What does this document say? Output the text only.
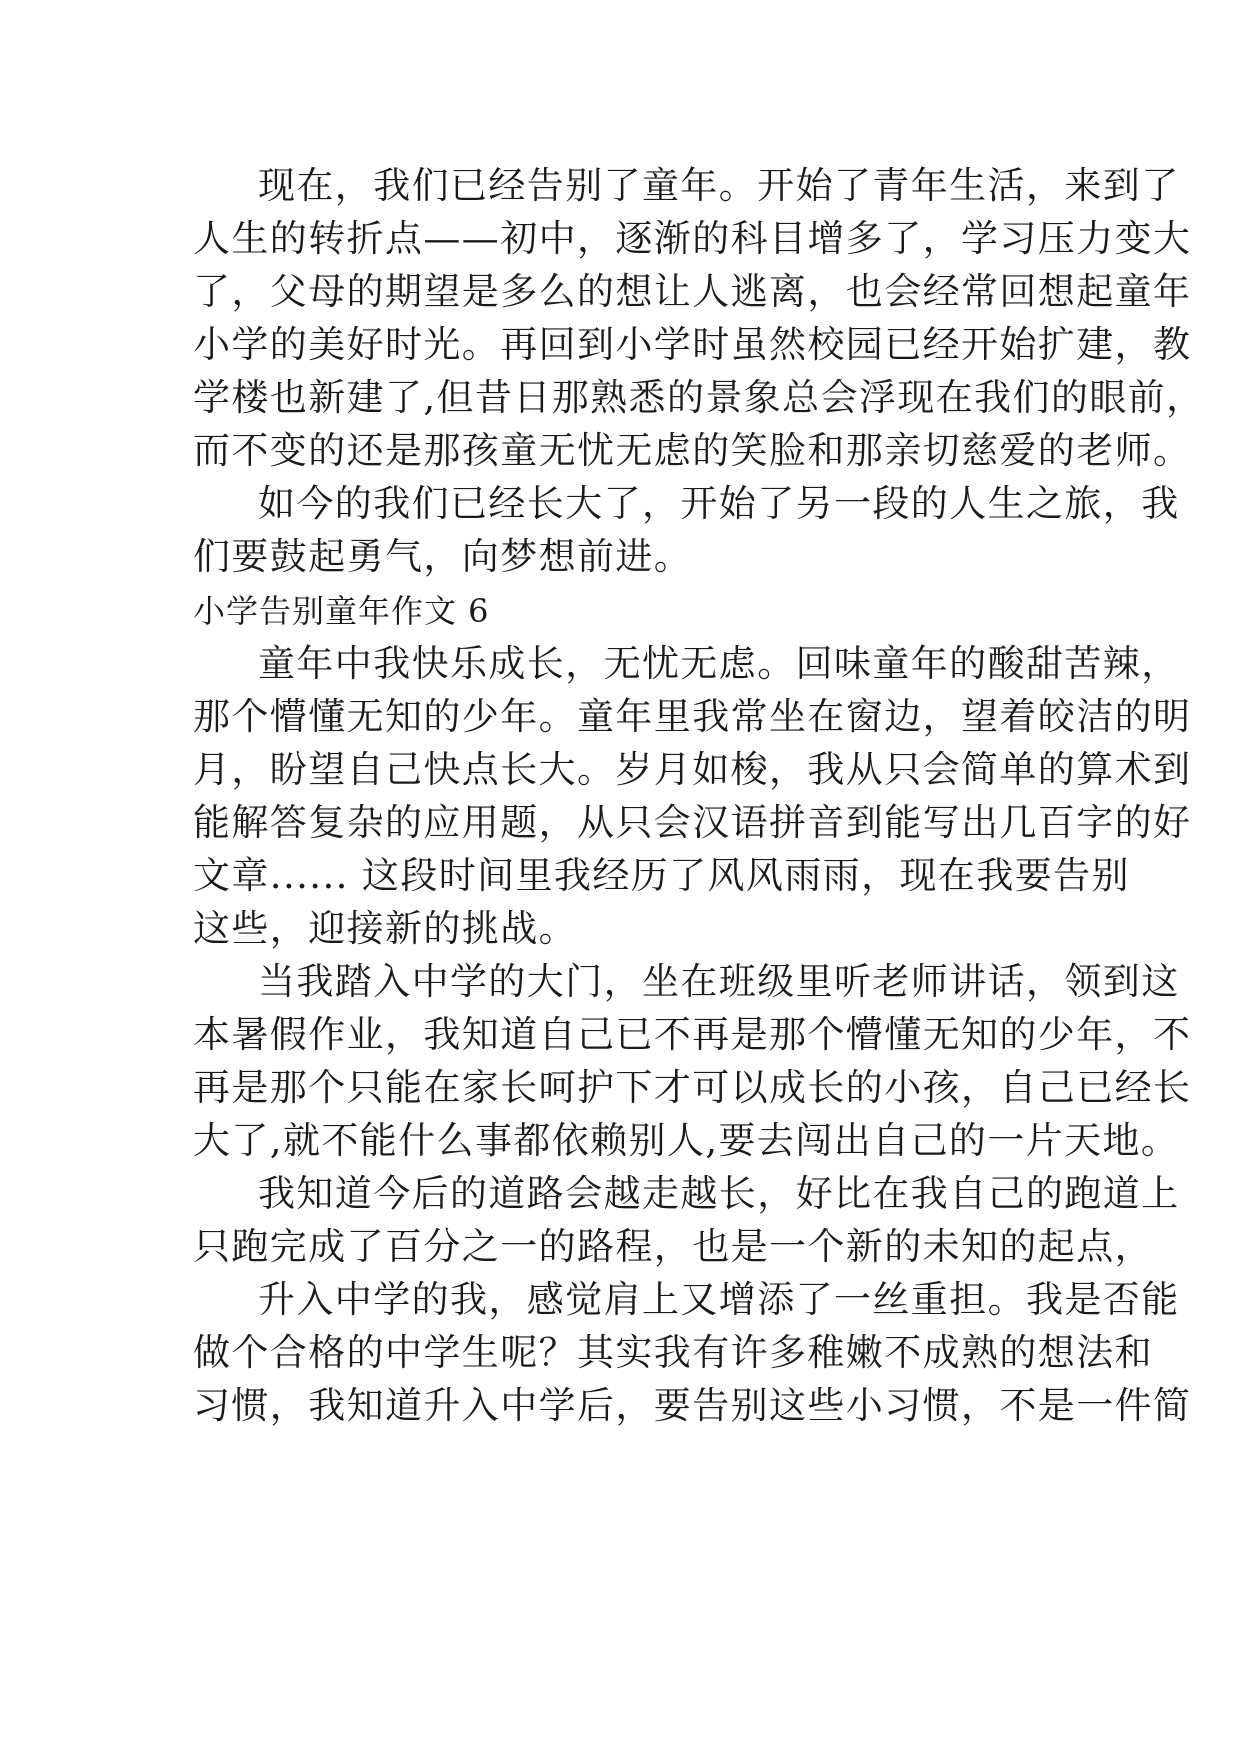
现在，我们已经告别了童年。开始了青年生活，来到了
人生的转折点——初中，逐渐的科目增多了，学习压力变大
了，父母的期望是多么的想让人逃离，也会经常回想起童年
小学的美好时光。再回到小学时虽然校园已经开始扩建，教
学楼也新建了,但昔日那熟悉的景象总会浮现在我们的眼前，
而不变的还是那孩童无忧无虑的笑脸和那亲切慈爱的老师。
如今的我们已经长大了，开始了另一段的人生之旅，我
们要鼓起勇气，向梦想前进。
小学告别童年作文 6
童年中我快乐成长，无忧无虑。回味童年的酸甜苦辣，
那个懵懂无知的少年。童年里我常坐在窗边，望着皎洁的明
月，盼望自己快点长大。岁月如梭，我从只会简单的算术到
能解答复杂的应用题，从只会汉语拼音到能写出几百字的好
文章...... 这段时间里我经历了风风雨雨，现在我要告别
这些，迎接新的挑战。
当我踏入中学的大门，坐在班级里听老师讲话，领到这
本暑假作业，我知道自己已不再是那个懵懂无知的少年，不
再是那个只能在家长呵护下才可以成长的小孩，自己已经长
大了,就不能什么事都依赖别人,要去闯出自己的一片天地。
我知道今后的道路会越走越长，好比在我自己的跑道上
只跑完成了百分之一的路程，也是一个新的未知的起点，
升入中学的我，感觉肩上又增添了一丝重担。我是否能
做个合格的中学生呢？其实我有许多稚嫩不成熟的想法和
习惯，我知道升入中学后，要告别这些小习惯，不是一件简
